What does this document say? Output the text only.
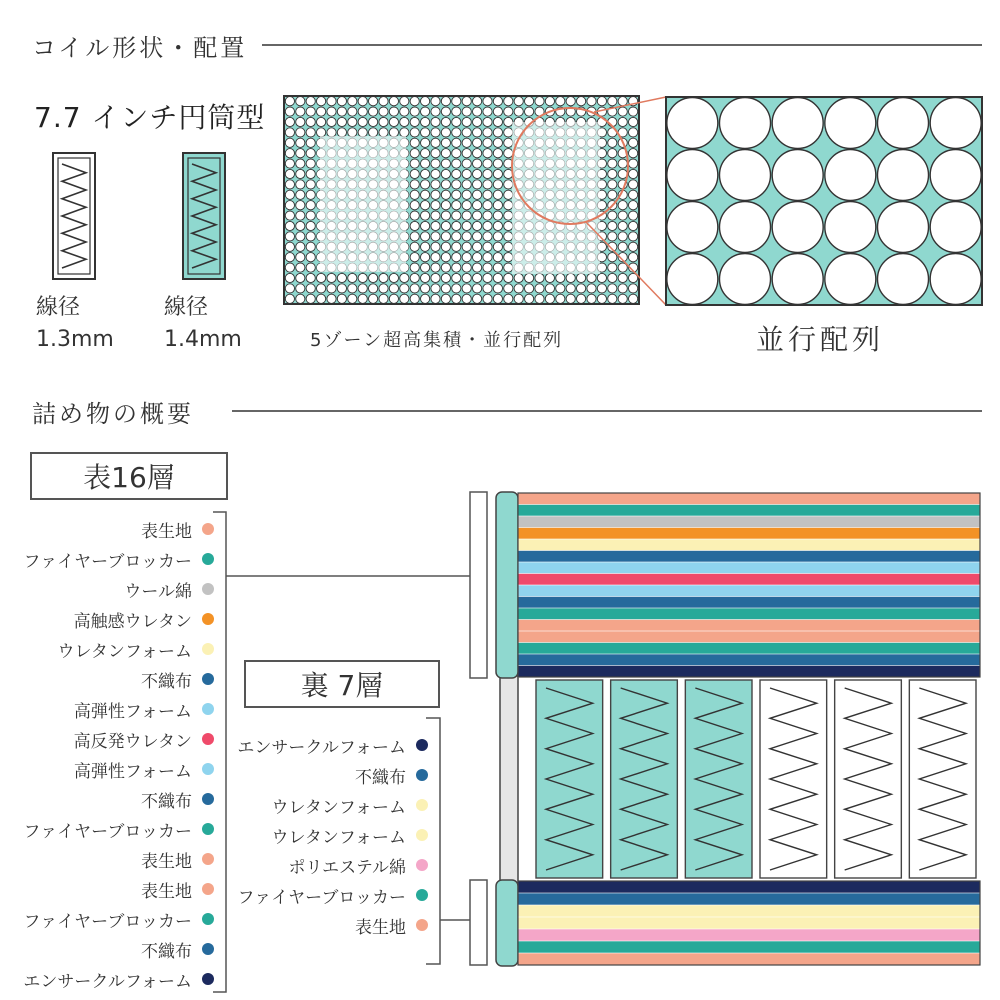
コイル形状・配置
7.7 インチ円筒型
線径
1.3mm
線径
1.4mm	5ゾーン超高集積・並行配列	並行配列
詰め物の概要
表16層
表生地
ファイヤーブロッカー
ウール綿
高触感ウレタン
ウレタンフォーム
不織布
高弾性フォーム
高反発ウレタン
高弾性フォーム
不織布
ファイヤーブロッカー
表生地
表生地
ファイヤーブロッカー
不織布
エンサークルフォーム
裏 7層
エンサークルフォーム
不織布
ウレタンフォーム
ウレタンフォーム
ポリエステル綿
ファイヤーブロッカー
表生地
